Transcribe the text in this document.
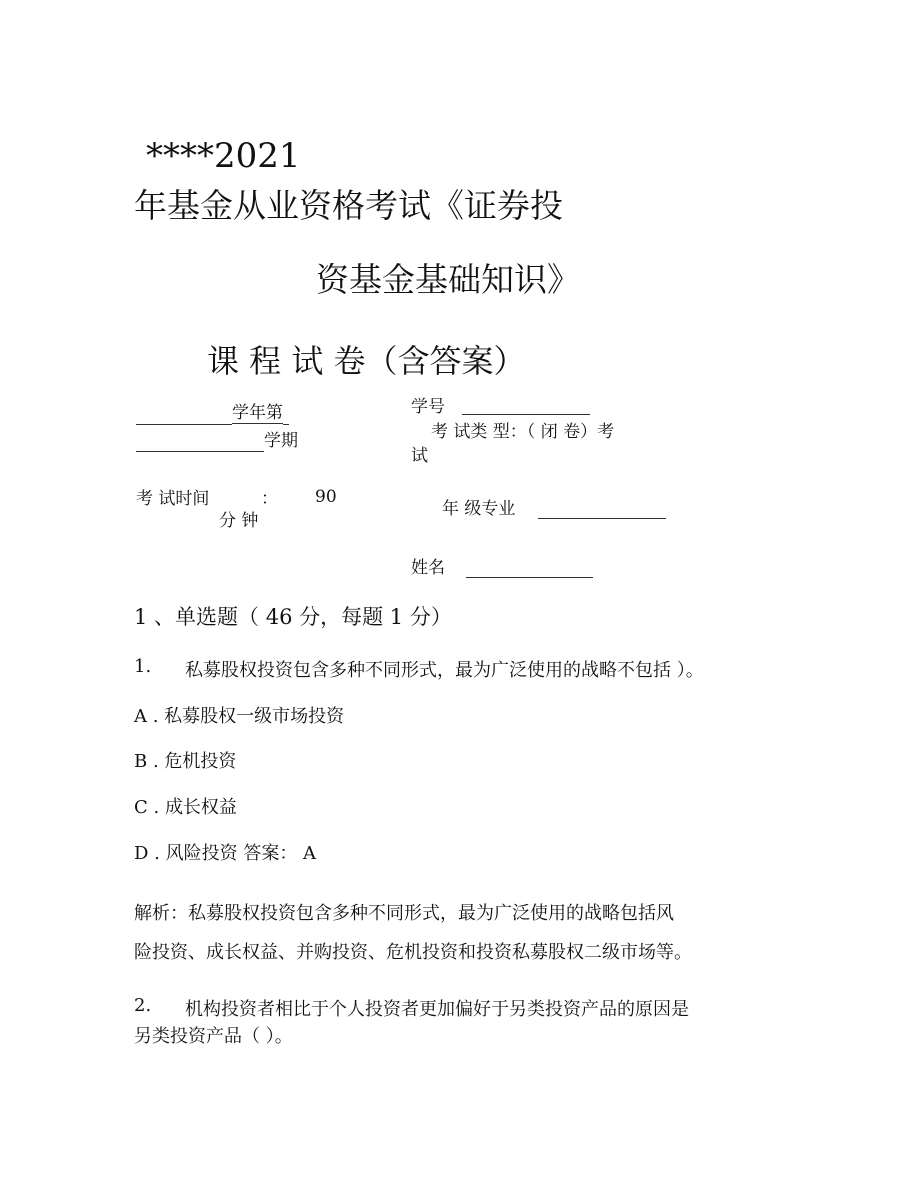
****2021
年基金从业资格考试《证券投
资基金基础知识》
课 程 试 卷（含答案）
学年第
学期
学号
考 试类 型：（ 闭 卷）考
试
考 试时间	： 90
分 钟
年 级专业
姓名
1 、单选题（ 46 分，每题 1 分）
1. 私募股权投资包含多种不同形式，最为广泛使用的战略不包括 ）。
A . 私募股权一级市场投资
B . 危机投资
C . 成长权益
D . 风险投资 答案： A
解析：私募股权投资包含多种不同形式，最为广泛使用的战略包括风
险投资、成长权益、并购投资、危机投资和投资私募股权二级市场等。
2. 机构投资者相比于个人投资者更加偏好于另类投资产品的原因是
另类投资产品（ ）。
